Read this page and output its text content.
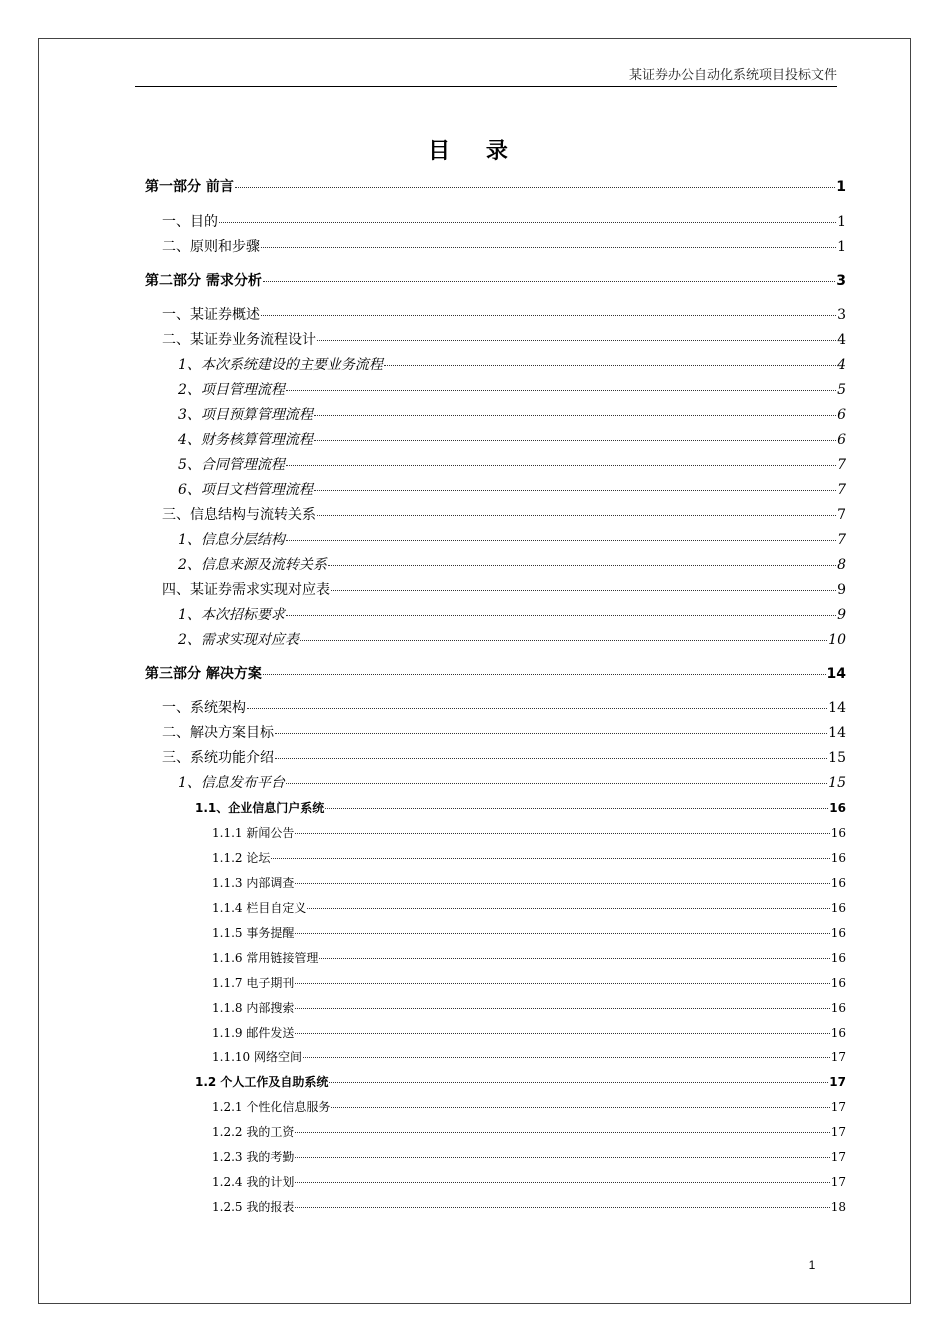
某证券办公自动化系统项目投标文件
目 录
第一部分 前言	1
一、目的	1
二、原则和步骤	1
第二部分 需求分析	3
一、某证券概述	3
二、某证券业务流程设计	4
1、本次系统建设的主要业务流程	4
2、项目管理流程	5
3、项目预算管理流程	6
4、财务核算管理流程	6
5、合同管理流程	7
6、项目文档管理流程	7
三、信息结构与流转关系	7
1、信息分层结构	7
2、信息来源及流转关系	8
四、某证券需求实现对应表	9
1、本次招标要求	9
2、需求实现对应表	10
第三部分 解决方案	14
一、系统架构	14
二、解决方案目标	14
三、系统功能介绍	15
1、信息发布平台	15
1.1、企业信息门户系统	16
1.1.1 新闻公告	16
1.1.2 论坛	16
1.1.3 内部调查	16
1.1.4 栏目自定义	16
1.1.5 事务提醒	16
1.1.6 常用链接管理	16
1.1.7 电子期刊	16
1.1.8 内部搜索	16
1.1.9 邮件发送	16
1.1.10 网络空间	17
1.2 个人工作及自助系统	17
1.2.1 个性化信息服务	17
1.2.2 我的工资	17
1.2.3 我的考勤	17
1.2.4 我的计划	17
1.2.5 我的报表	18
1
